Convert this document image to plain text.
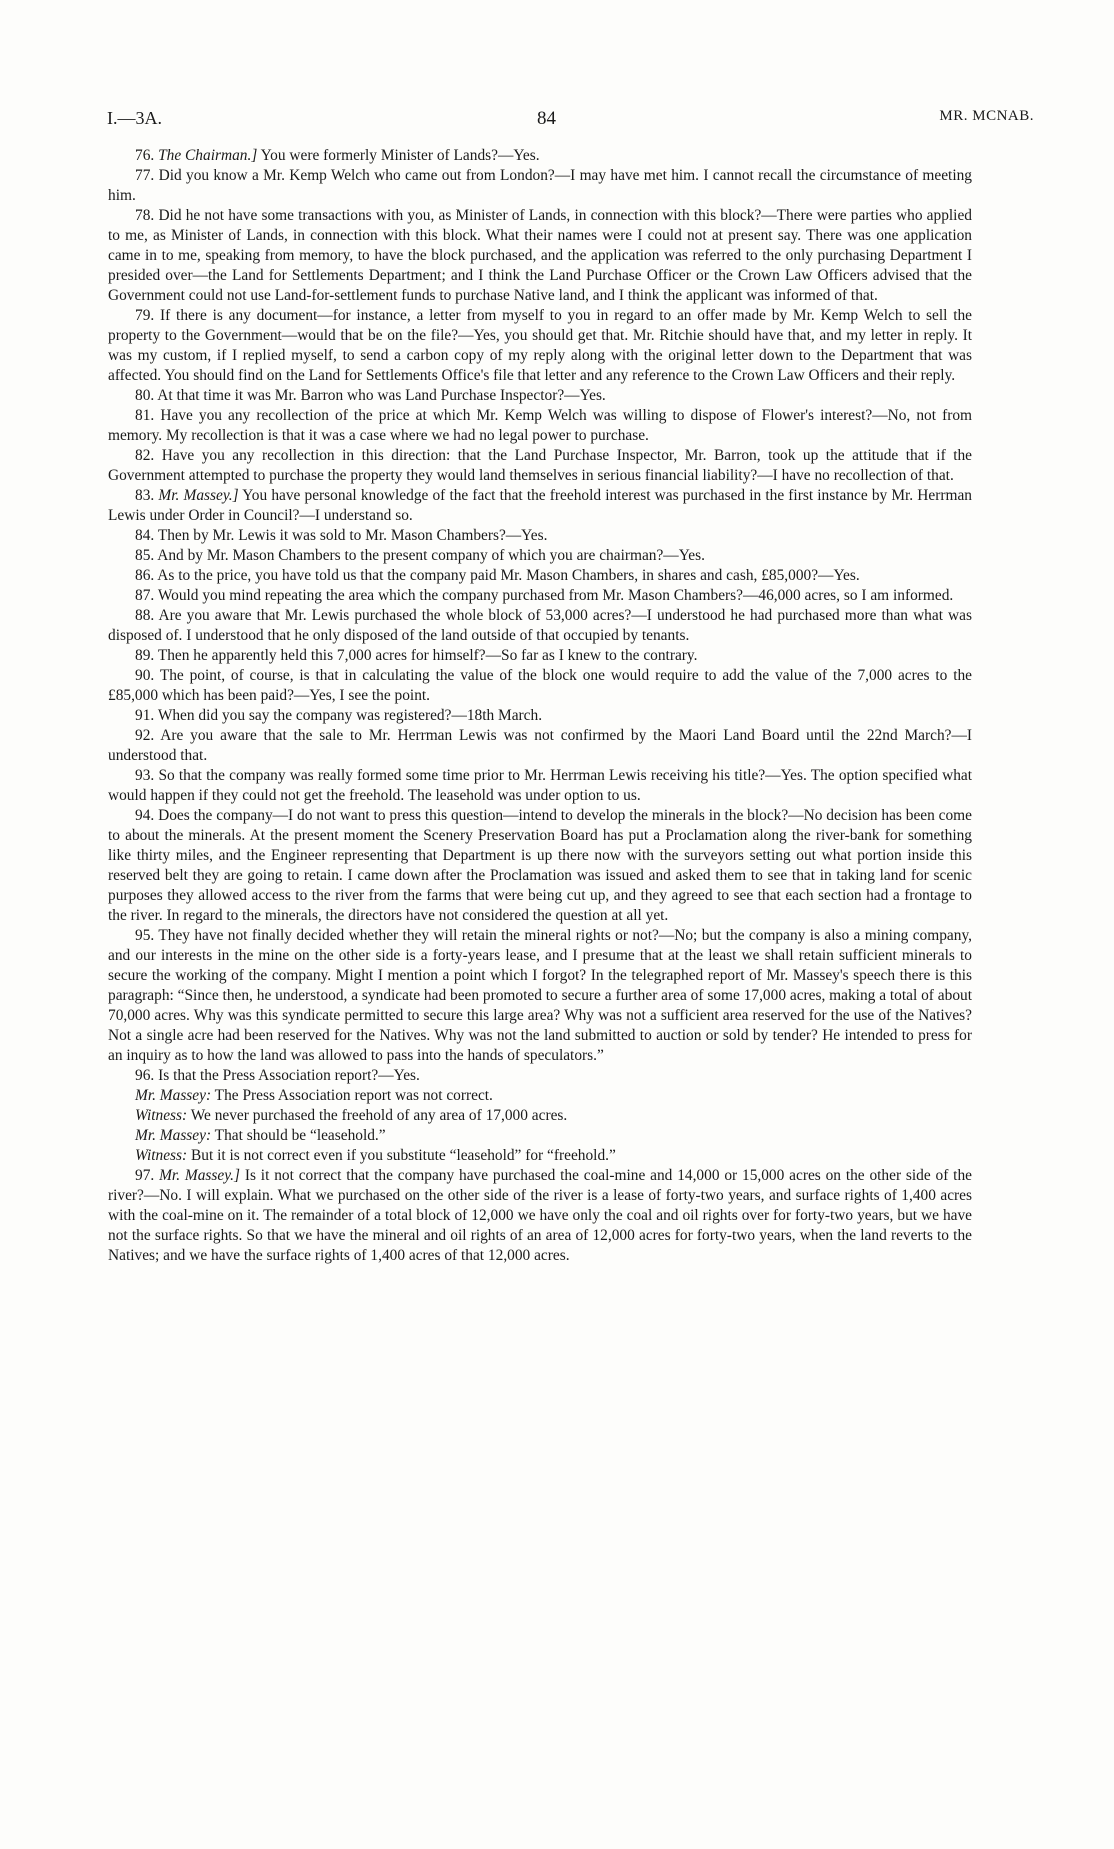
I.—3A.	84	MR. MCNAB.

76. The Chairman.] You were formerly Minister of Lands?—Yes.

77. Did you know a Mr. Kemp Welch who came out from London?—I may have met him. I cannot recall the circumstance of meeting him.

78. Did he not have some transactions with you, as Minister of Lands, in connection with this block?—There were parties who applied to me, as Minister of Lands, in connection with this block. What their names were I could not at present say. There was one application came in to me, speaking from memory, to have the block purchased, and the application was referred to the only purchasing Department I presided over—the Land for Settlements Department; and I think the Land Purchase Officer or the Crown Law Officers advised that the Government could not use Land-for-settlement funds to purchase Native land, and I think the applicant was informed of that.

79. If there is any document—for instance, a letter from myself to you in regard to an offer made by Mr. Kemp Welch to sell the property to the Government—would that be on the file?—Yes, you should get that. Mr. Ritchie should have that, and my letter in reply. It was my custom, if I replied myself, to send a carbon copy of my reply along with the original letter down to the Department that was affected. You should find on the Land for Settlements Office's file that letter and any reference to the Crown Law Officers and their reply.

80. At that time it was Mr. Barron who was Land Purchase Inspector?—Yes.

81. Have you any recollection of the price at which Mr. Kemp Welch was willing to dispose of Flower's interest?—No, not from memory. My recollection is that it was a case where we had no legal power to purchase.

82. Have you any recollection in this direction: that the Land Purchase Inspector, Mr. Barron, took up the attitude that if the Government attempted to purchase the property they would land themselves in serious financial liability?—I have no recollection of that.

83. Mr. Massey.] You have personal knowledge of the fact that the freehold interest was purchased in the first instance by Mr. Herrman Lewis under Order in Council?—I understand so.

84. Then by Mr. Lewis it was sold to Mr. Mason Chambers?—Yes.

85. And by Mr. Mason Chambers to the present company of which you are chairman?—Yes.

86. As to the price, you have told us that the company paid Mr. Mason Chambers, in shares and cash, £85,000?—Yes.

87. Would you mind repeating the area which the company purchased from Mr. Mason Chambers?—46,000 acres, so I am informed.

88. Are you aware that Mr. Lewis purchased the whole block of 53,000 acres?—I understood he had purchased more than what was disposed of. I understood that he only disposed of the land outside of that occupied by tenants.

89. Then he apparently held this 7,000 acres for himself?—So far as I knew to the contrary.

90. The point, of course, is that in calculating the value of the block one would require to add the value of the 7,000 acres to the £85,000 which has been paid?—Yes, I see the point.

91. When did you say the company was registered?—18th March.

92. Are you aware that the sale to Mr. Herrman Lewis was not confirmed by the Maori Land Board until the 22nd March?—I understood that.

93. So that the company was really formed some time prior to Mr. Herrman Lewis receiving his title?—Yes. The option specified what would happen if they could not get the freehold. The leasehold was under option to us.

94. Does the company—I do not want to press this question—intend to develop the minerals in the block?—No decision has been come to about the minerals. At the present moment the Scenery Preservation Board has put a Proclamation along the river-bank for something like thirty miles, and the Engineer representing that Department is up there now with the surveyors setting out what portion inside this reserved belt they are going to retain. I came down after the Proclamation was issued and asked them to see that in taking land for scenic purposes they allowed access to the river from the farms that were being cut up, and they agreed to see that each section had a frontage to the river. In regard to the minerals, the directors have not considered the question at all yet.

95. They have not finally decided whether they will retain the mineral rights or not?—No; but the company is also a mining company, and our interests in the mine on the other side is a forty-years lease, and I presume that at the least we shall retain sufficient minerals to secure the working of the company. Might I mention a point which I forgot? In the telegraphed report of Mr. Massey's speech there is this paragraph: “Since then, he understood, a syndicate had been promoted to secure a further area of some 17,000 acres, making a total of about 70,000 acres. Why was this syndicate permitted to secure this large area? Why was not a sufficient area reserved for the use of the Natives? Not a single acre had been reserved for the Natives. Why was not the land submitted to auction or sold by tender? He intended to press for an inquiry as to how the land was allowed to pass into the hands of speculators.”

96. Is that the Press Association report?—Yes.

Mr. Massey: The Press Association report was not correct.

Witness: We never purchased the freehold of any area of 17,000 acres.

Mr. Massey: That should be “leasehold.”

Witness: But it is not correct even if you substitute “leasehold” for “freehold.”

97. Mr. Massey.] Is it not correct that the company have purchased the coal-mine and 14,000 or 15,000 acres on the other side of the river?—No. I will explain. What we purchased on the other side of the river is a lease of forty-two years, and surface rights of 1,400 acres with the coal-mine on it. The remainder of a total block of 12,000 we have only the coal and oil rights over for forty-two years, but we have not the surface rights. So that we have the mineral and oil rights of an area of 12,000 acres for forty-two years, when the land reverts to the Natives; and we have the surface rights of 1,400 acres of that 12,000 acres.
